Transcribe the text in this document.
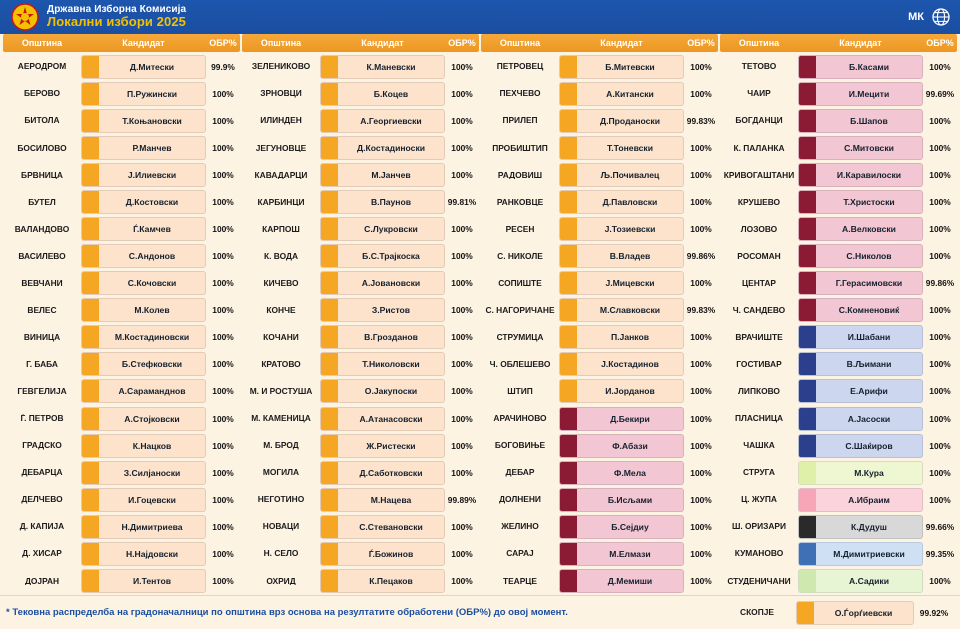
Државна Изборна Комисија
Локални избори 2025	МК
Општина	Кандидат	ОБР%
АЕРОДРОМ	Д.Митески	99.9%
БЕРОВО	П.Ружински	100%
БИТОЛА	Т.Коњановски	100%
БОСИЛОВО	Р.Манчев	100%
БРВНИЦА	Ј.Илиевски	100%
БУТЕЛ	Д.Костовски	100%
ВАЛАНДОВО	Ѓ.Камчев	100%
ВАСИЛЕВО	С.Андонов	100%
ВЕВЧАНИ	С.Кочовски	100%
ВЕЛЕС	М.Колев	100%
ВИНИЦА	М.Костадиновски	100%
Г. БАБА	Б.Стефковски	100%
ГЕВГЕЛИЈА	А.Сараманднов	100%
Ѓ. ПЕТРОВ	А.Стојковски	100%
ГРАДСКО	К.Нацков	100%
ДЕБАРЦА	З.Силјаноски	100%
ДЕЛЧЕВО	И.Гоцевски	100%
Д. КАПИЈА	Н.Димитриева	100%
Д. ХИСАР	Н.Најдовски	100%
ДОЈРАН	И.Тентов	100%
Општина	Кандидат	ОБР%
ЗЕЛЕНИКОВО	К.Маневски	100%
ЗРНОВЦИ	Б.Коцев	100%
ИЛИНДЕН	А.Георгиевски	100%
ЈЕГУНОВЦЕ	Д.Костадиноски	100%
КАВАДАРЦИ	М.Јанчев	100%
КАРБИНЦИ	В.Паунов	99.81%
КАРПОШ	С.Лукровски	100%
К. ВОДА	Б.С.Трајкоска	100%
КИЧЕВО	А.Јовановски	100%
КОНЧЕ	З.Ристов	100%
КОЧАНИ	В.Грозданов	100%
КРАТОВО	Т.Николовски	100%
М. И РОСТУША	О.Јакупоски	100%
М. КАМЕНИЦА	А.Атанасовски	100%
М. БРОД	Ж.Ристески	100%
МОГИЛА	Д.Саботковски	100%
НЕГОТИНО	М.Нацева	99.89%
НОВАЦИ	С.Стевановски	100%
Н. СЕЛО	Ѓ.Божинов	100%
ОХРИД	К.Пецаков	100%
Општина	Кандидат	ОБР%
ПЕТРОВЕЦ	Б.Митевски	100%
ПЕХЧЕВО	А.Китански	100%
ПРИЛЕП	Д.Проданоски	99.83%
ПРОБИШТИП	Т.Тоневски	100%
РАДОВИШ	Љ.Почивалец	100%
РАНКОВЦЕ	Д.Павловски	100%
РЕСЕН	Ј.Тозиевски	100%
С. НИКОЛЕ	В.Владев	99.86%
СОПИШТЕ	Ј.Мицевски	100%
С. НАГОРИЧАНЕ	М.Славковски	99.83%
СТРУМИЦА	П.Јанков	100%
Ч. ОБЛЕШЕВО	Ј.Костадинов	100%
ШТИП	И.Јорданов	100%
АРАЧИНОВО	Д.Бекири	100%
БОГОВИЊЕ	Ф.Абази	100%
ДЕБАР	Ф.Мела	100%
ДОЛНЕНИ	Б.Исљами	100%
ЖЕЛИНО	Б.Сејдиу	100%
САРАЈ	М.Елмази	100%
ТЕАРЦЕ	Д.Мемиши	100%
Општина	Кандидат	ОБР%
ТЕТОВО	Б.Касами	100%
ЧАИР	И.Мецити	99.69%
БОГДАНЦИ	Б.Шапов	100%
К. ПАЛАНКА	С.Митовски	100%
КРИВОГАШТАНИ	И.Каравилоски	100%
КРУШЕВО	Т.Христоски	100%
ЛОЗОВО	А.Велковски	100%
РОСОМАН	С.Николов	100%
ЦЕНТАР	Г.Герасимовски	99.86%
Ч. САНДЕВО	С.Комненовиќ	100%
ВРАЧИШТЕ	И.Шабани	100%
ГОСТИВАР	В.Љимани	100%
ЛИПКОВО	Е.Арифи	100%
ПЛАСНИЦА	А.Јасоски	100%
ЧАШКА	С.Шаќиров	100%
СТРУГА	М.Кура	100%
Ц. ЖУПА	А.Ибраим	100%
Ш. ОРИЗАРИ	К.Дудуш	99.66%
КУМАНОВО	М.Димитриевски	99.35%
СТУДЕНИЧАНИ	А.Садики	100%
* Тековна распределба на градоначалници по општина врз основа на резултатите обработени (ОБР%) до овој момент.	СКОПЈЕ	О.Ѓорѓиевски	99.92%
